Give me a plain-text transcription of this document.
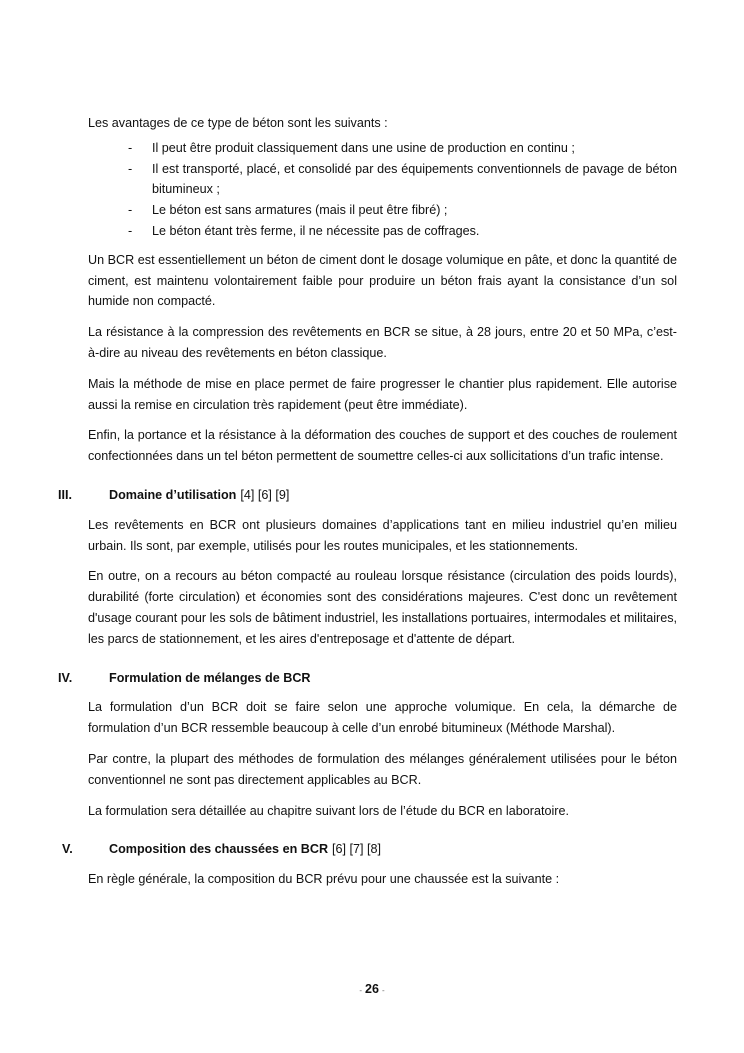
Les avantages de ce type de béton sont les suivants :

- Il peut être produit classiquement dans une usine de production en continu ;
- Il est transporté, placé, et consolidé par des équipements conventionnels de pavage de béton bitumineux ;
- Le béton est sans armatures (mais il peut être fibré) ;
- Le béton étant très ferme, il ne nécessite pas de coffrages.

Un BCR est essentiellement un béton de ciment dont le dosage volumique en pâte, et donc la quantité de ciment, est maintenu volontairement faible pour produire un béton frais ayant la consistance d’un sol humide non compacté.

La résistance à la compression des revêtements en BCR se situe, à 28 jours, entre 20 et 50 MPa, c’est-à-dire au niveau des revêtements en béton classique.

Mais la méthode de mise en place permet de faire progresser le chantier plus rapidement. Elle autorise aussi la remise en circulation très rapidement (peut être immédiate).

Enfin, la portance et la résistance à la déformation des couches de support et des couches de roulement confectionnées dans un tel béton permettent de soumettre celles-ci aux sollicitations d’un trafic intense.

III.	Domaine d’utilisation [4] [6] [9]

Les revêtements en BCR ont plusieurs domaines d’applications tant en milieu industriel qu’en milieu urbain. Ils sont, par exemple, utilisés pour les routes municipales, et les stationnements.

En outre, on a recours au béton compacté au rouleau lorsque résistance (circulation des poids lourds), durabilité (forte circulation) et économies sont des considérations majeures. C'est donc un revêtement d'usage courant pour les sols de bâtiment industriel, les installations portuaires, intermodales et militaires, les parcs de stationnement, et les aires d'entreposage et d'attente de départ.

IV.	Formulation de mélanges de BCR

La formulation d’un BCR doit se faire selon une approche volumique. En cela, la démarche de formulation d’un BCR ressemble beaucoup à celle d’un enrobé bitumineux (Méthode Marshal).

Par contre, la plupart des méthodes de formulation des mélanges généralement utilisées pour le béton conventionnel ne sont pas directement applicables au BCR.

La formulation sera détaillée au chapitre suivant lors de l’étude du BCR en laboratoire.

V.	Composition des chaussées en BCR [6] [7] [8]

En règle générale, la composition du BCR prévu pour une chaussée est la suivante :

- 26 -
